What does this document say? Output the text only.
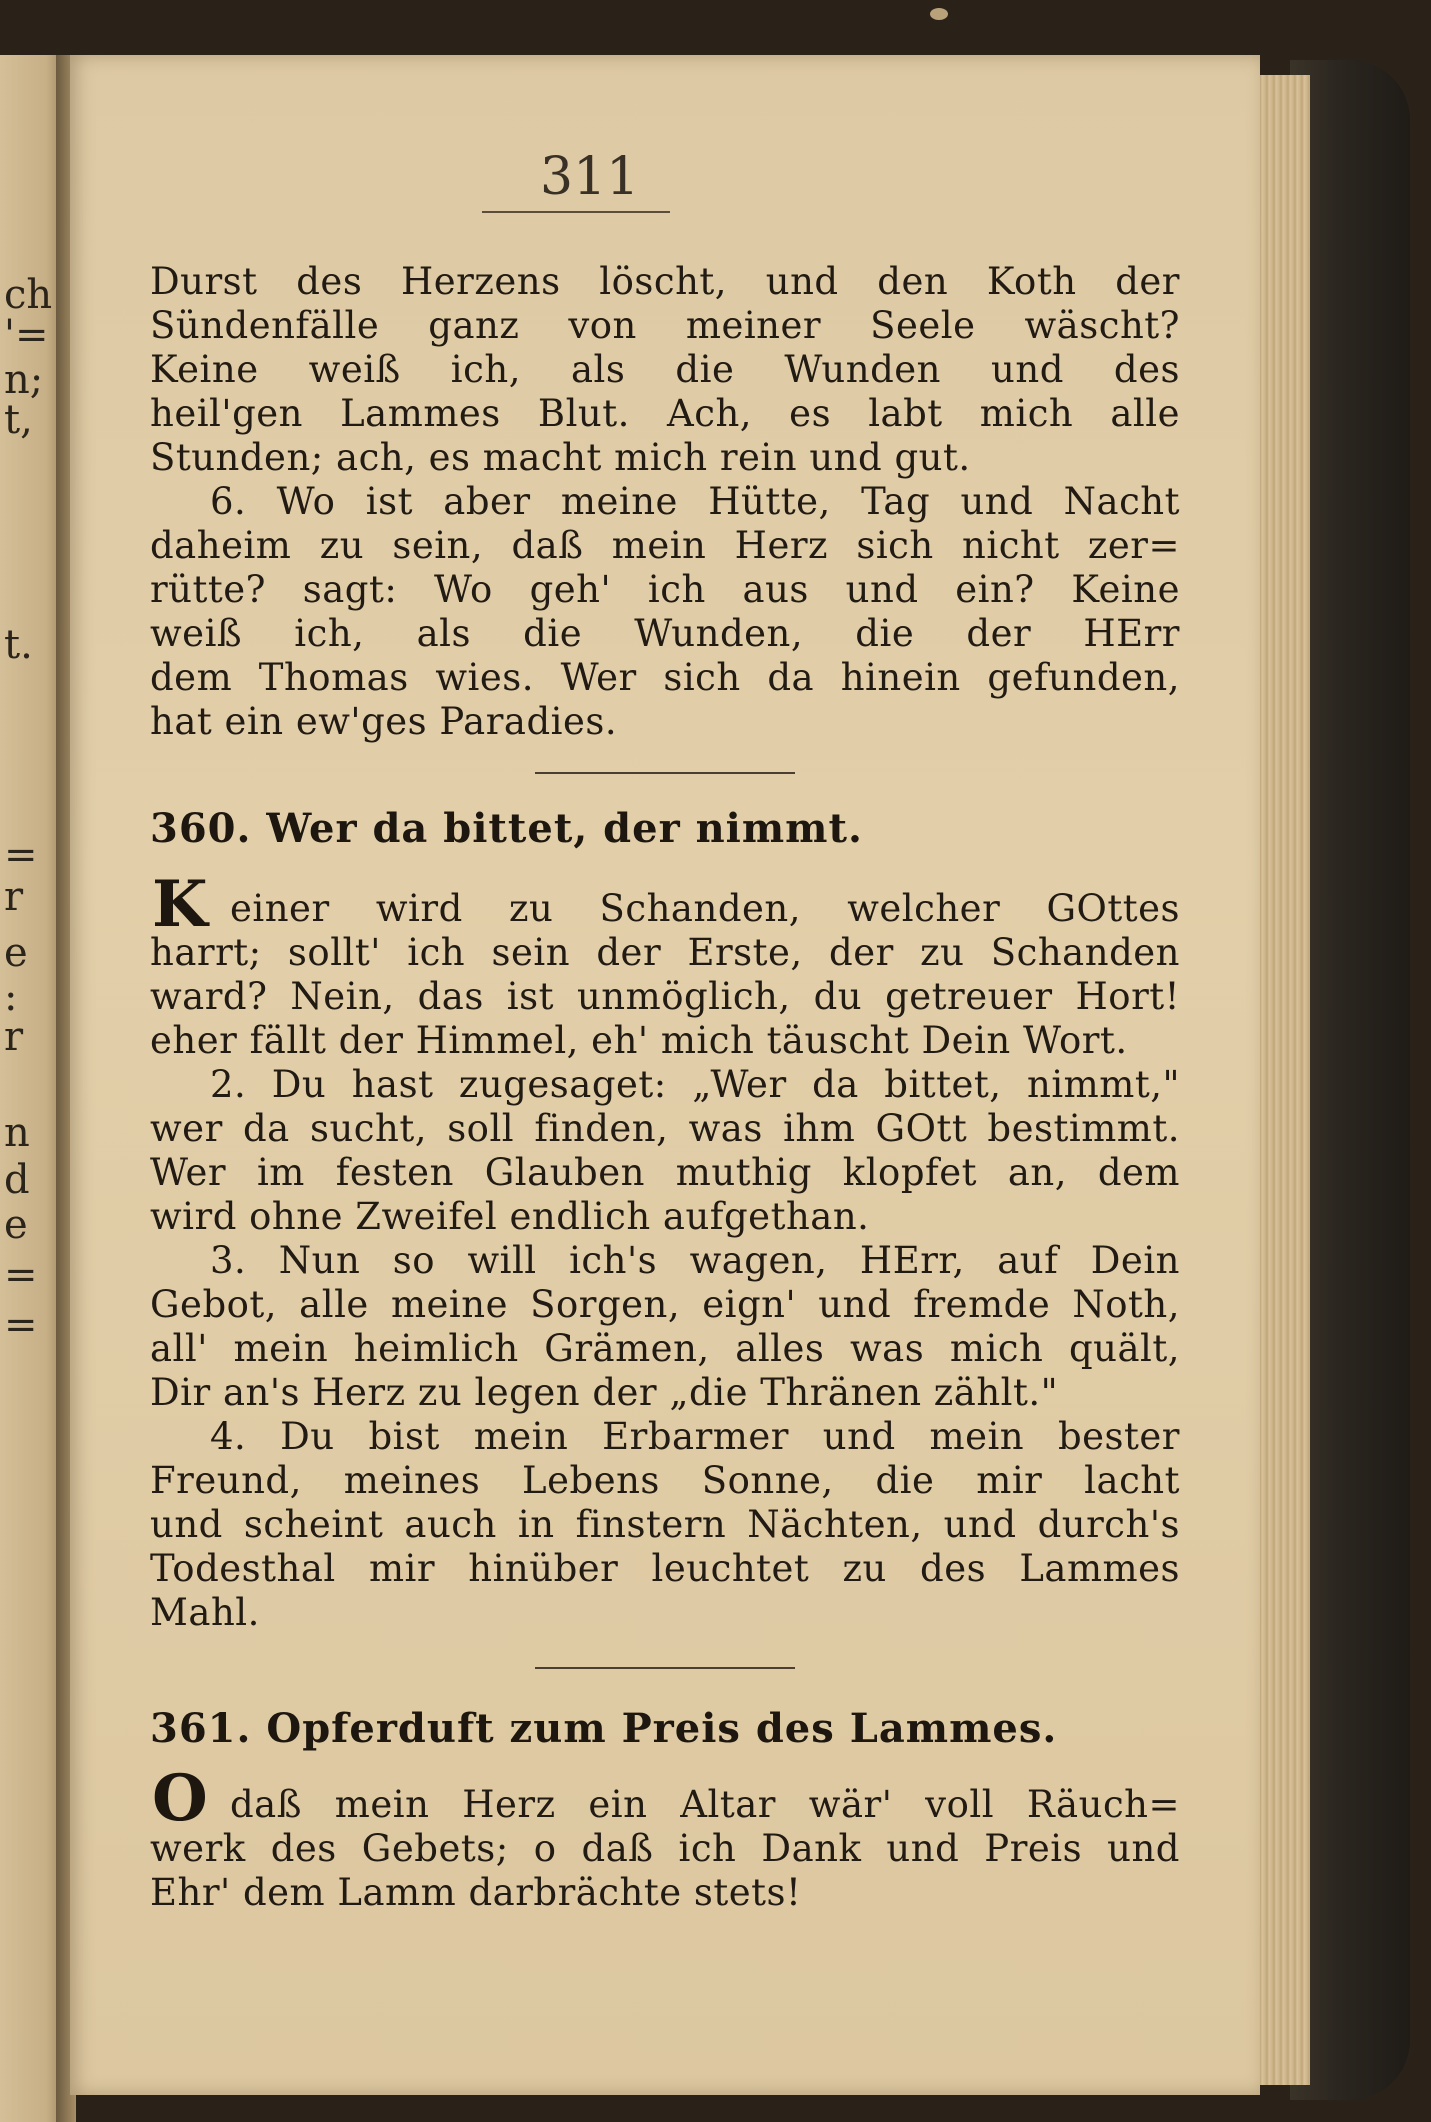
ch
'=
n;
t,
t.
=
r
e
:
r
n
d
e
=
=
311
Durst des Herzens löscht, und den Koth der
Sündenfälle ganz von meiner Seele wäscht?
Keine weiß ich, als die Wunden und des
heil'gen Lammes Blut. Ach, es labt mich alle
Stunden; ach, es macht mich rein und gut.
6. Wo ist aber meine Hütte, Tag und Nacht
daheim zu sein, daß mein Herz sich nicht zer=
rütte? sagt: Wo geh' ich aus und ein? Keine
weiß ich, als die Wunden, die der HErr
dem Thomas wies. Wer sich da hinein gefunden,
hat ein ew'ges Paradies.
360. Wer da bittet, der nimmt.
K einer wird zu Schanden, welcher GOttes
harrt; sollt' ich sein der Erste, der zu Schanden
ward? Nein, das ist unmöglich, du getreuer Hort!
eher fällt der Himmel, eh' mich täuscht Dein Wort.
2. Du hast zugesaget: „Wer da bittet, nimmt,"
wer da sucht, soll finden, was ihm GOtt bestimmt.
Wer im festen Glauben muthig klopfet an, dem
wird ohne Zweifel endlich aufgethan.
3. Nun so will ich's wagen, HErr, auf Dein
Gebot, alle meine Sorgen, eign' und fremde Noth,
all' mein heimlich Grämen, alles was mich quält,
Dir an's Herz zu legen der „die Thränen zählt."
4. Du bist mein Erbarmer und mein bester
Freund, meines Lebens Sonne, die mir lacht
und scheint auch in finstern Nächten, und durch's
Todesthal mir hinüber leuchtet zu des Lammes
Mahl.
361. Opferduft zum Preis des Lammes.
O daß mein Herz ein Altar wär' voll Räuch=
werk des Gebets; o daß ich Dank und Preis und
Ehr' dem Lamm darbrächte stets!
